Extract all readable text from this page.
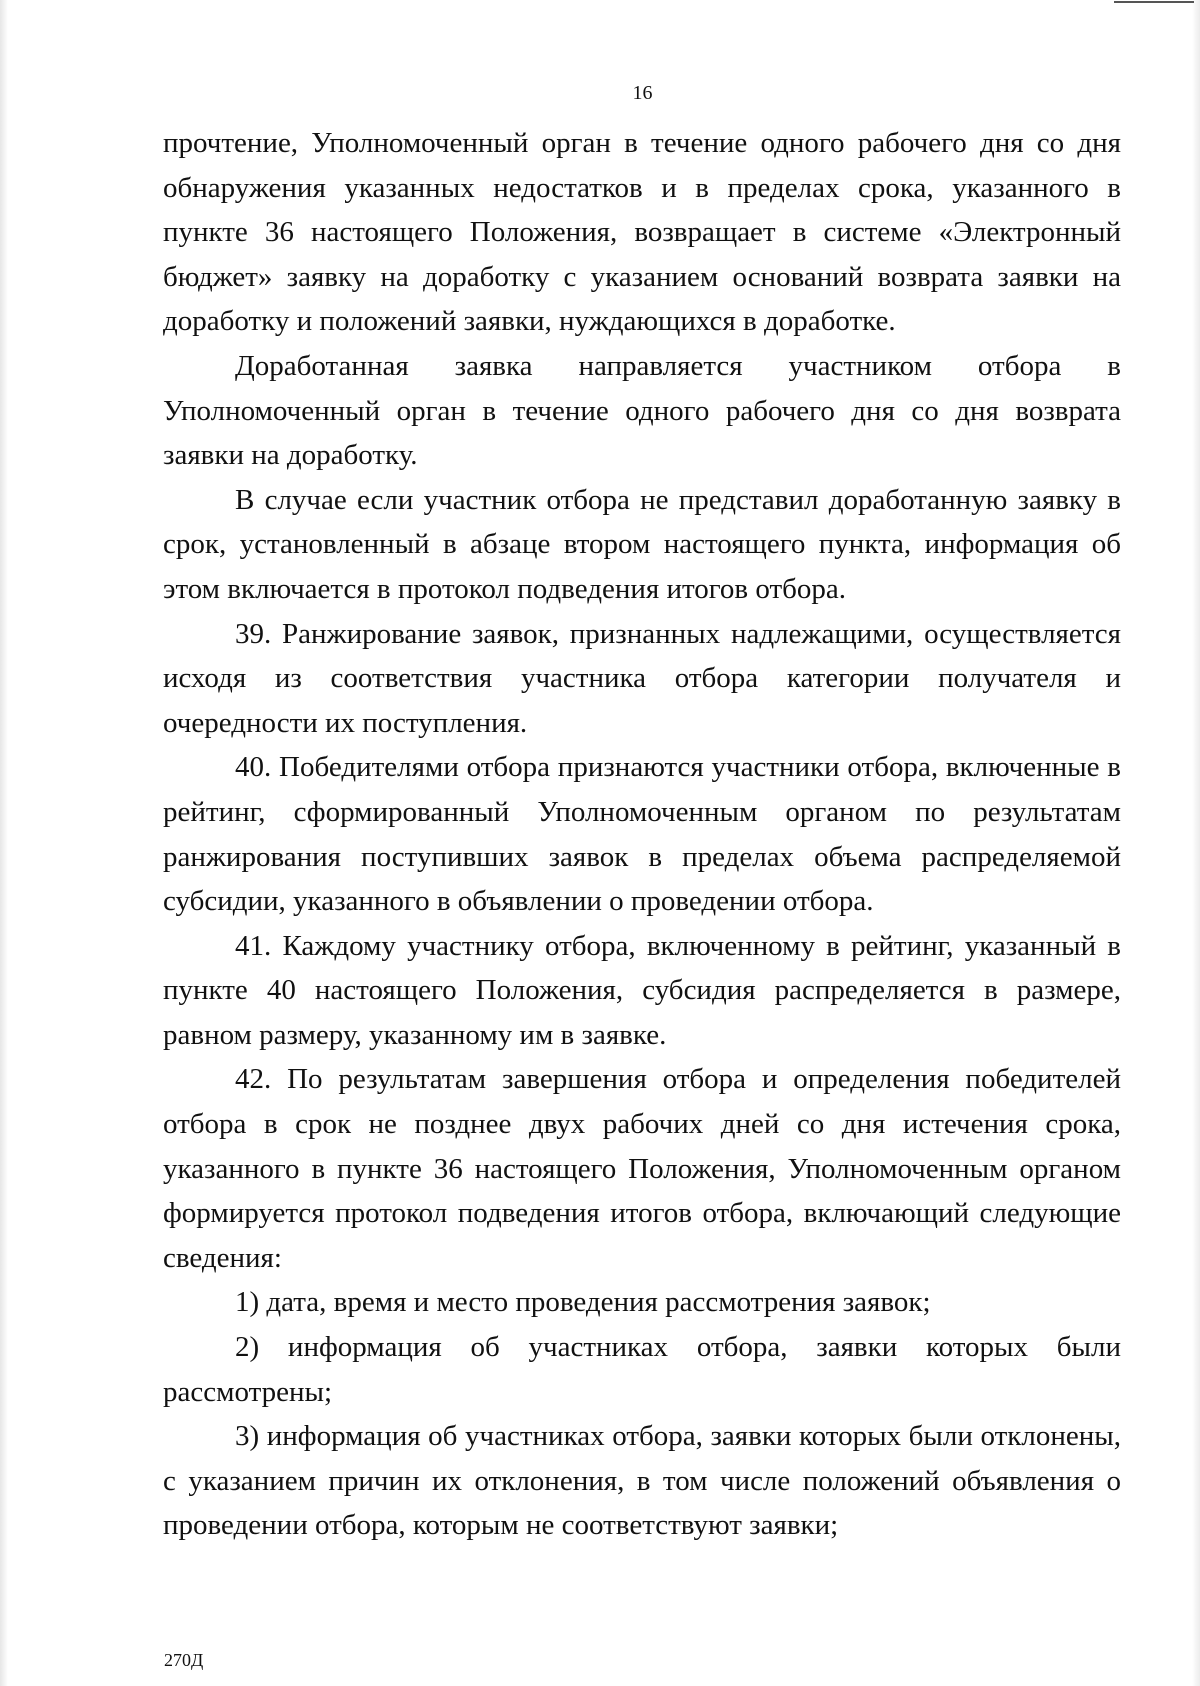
16

прочтение, Уполномоченный орган в течение одного рабочего дня со дня обнаружения указанных недостатков и в пределах срока, указанного в пункте 36 настоящего Положения, возвращает в системе «Электронный бюджет» заявку на доработку с указанием оснований возврата заявки на доработку и положений заявки, нуждающихся в доработке.

Доработанная заявка направляется участником отбора в Уполномоченный орган в течение одного рабочего дня со дня возврата заявки на доработку.

В случае если участник отбора не представил доработанную заявку в срок, установленный в абзаце втором настоящего пункта, информация об этом включается в протокол подведения итогов отбора.

39. Ранжирование заявок, признанных надлежащими, осуществляется исходя из соответствия участника отбора категории получателя и очередности их поступления.

40. Победителями отбора признаются участники отбора, включенные в рейтинг, сформированный Уполномоченным органом по результатам ранжирования поступивших заявок в пределах объема распределяемой субсидии, указанного в объявлении о проведении отбора.

41. Каждому участнику отбора, включенному в рейтинг, указанный в пункте 40 настоящего Положения, субсидия распределяется в размере, равном размеру, указанному им в заявке.

42. По результатам завершения отбора и определения победителей отбора в срок не позднее двух рабочих дней со дня истечения срока, указанного в пункте 36 настоящего Положения, Уполномоченным органом формируется протокол подведения итогов отбора, включающий следующие сведения:

1) дата, время и место проведения рассмотрения заявок;

2) информация об участниках отбора, заявки которых были рассмотрены;

3) информация об участниках отбора, заявки которых были отклонены, с указанием причин их отклонения, в том числе положений объявления о проведении отбора, которым не соответствуют заявки;

270Д
